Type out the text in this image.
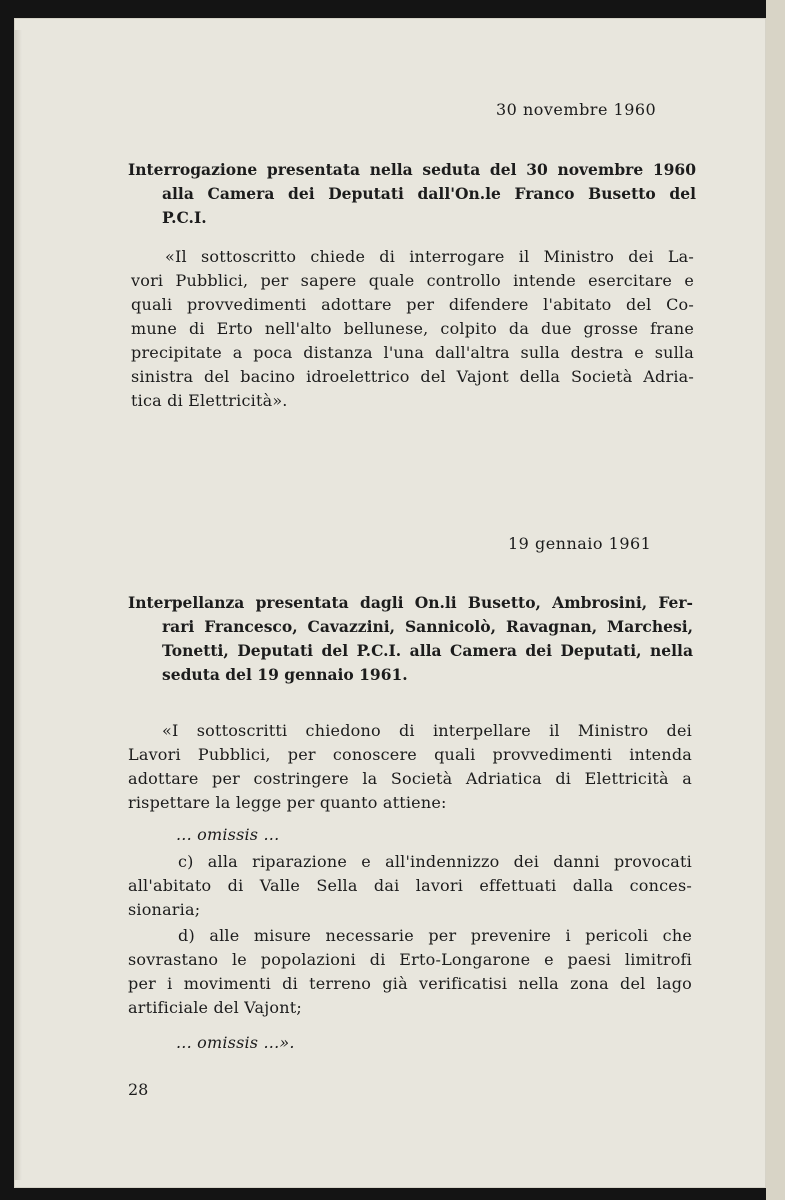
30 novembre 1960
Interrogazione presentata nella seduta del 30 novembre 1960
alla Camera dei Deputati dall'On.le Franco Busetto del
P.C.I.
«Il sottoscritto chiede di interrogare il Ministro dei La-
vori Pubblici, per sapere quale controllo intende esercitare e
quali provvedimenti adottare per difendere l'abitato del Co-
mune di Erto nell'alto bellunese, colpito da due grosse frane
precipitate a poca distanza l'una dall'altra sulla destra e sulla
sinistra del bacino idroelettrico del Vajont della Società Adria-
tica di Elettricità».
19 gennaio 1961
Interpellanza presentata dagli On.li Busetto, Ambrosini, Fer-
rari Francesco, Cavazzini, Sannicolò, Ravagnan, Marchesi,
Tonetti, Deputati del P.C.I. alla Camera dei Deputati, nella
seduta del 19 gennaio 1961.
«I sottoscritti chiedono di interpellare il Ministro dei
Lavori Pubblici, per conoscere quali provvedimenti intenda
adottare per costringere la Società Adriatica di Elettricità a
rispettare la legge per quanto attiene:
... omissis ...
c) alla riparazione e all'indennizzo dei danni provocati
all'abitato di Valle Sella dai lavori effettuati dalla conces-
sionaria;
d) alle misure necessarie per prevenire i pericoli che
sovrastano le popolazioni di Erto-Longarone e paesi limitrofi
per i movimenti di terreno già verificatisi nella zona del lago
artificiale del Vajont;
... omissis ...».
28
